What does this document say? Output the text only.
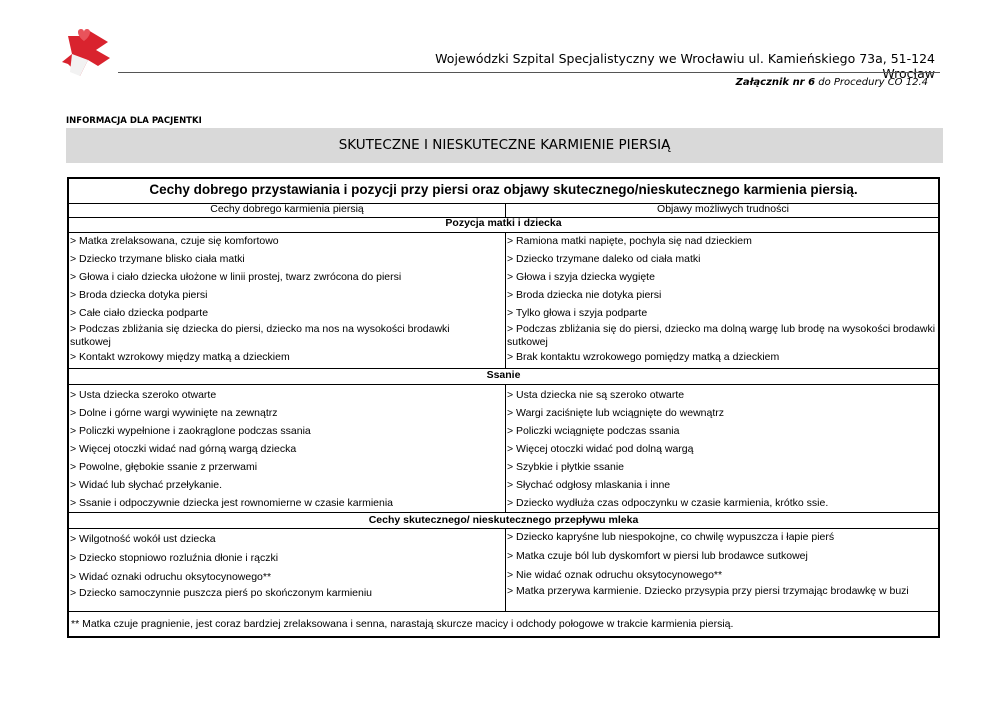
Wojewódzki Szpital Specjalistyczny we Wrocławiu ul. Kamieńskiego 73a, 51-124 Wrocław
Załącznik nr 6 do Procedury CO 12.4
INFORMACJA DLA PACJENTKI
SKUTECZNE I NIESKUTECZNE KARMIENIE PIERSIĄ
Cechy dobrego przystawiania i pozycji przy piersi oraz objawy skutecznego/nieskutecznego karmienia piersią.
Cechy dobrego karmienia piersią	Objawy możliwych trudności
Pozycja matki i dziecka
Ssanie
Cechy skutecznego/ nieskutecznego przepływu mleka
> Matka zrelaksowana, czuje się komfortowo
> Dziecko trzymane blisko ciała matki
> Głowa i ciało dziecka ułożone w linii prostej, twarz zwrócona do piersi
> Broda dziecka dotyka piersi
> Całe ciało dziecka podparte
> Podczas zbliżania się dziecka do piersi, dziecko ma nos na wysokości brodawki sutkowej
> Kontakt wzrokowy między matką a dzieckiem
> Ramiona matki napięte, pochyla się nad dzieckiem
> Dziecko trzymane daleko od ciała matki
> Głowa i szyja dziecka wygięte
> Broda dziecka nie dotyka piersi
> Tylko głowa i szyja podparte
> Podczas zbliżania się do piersi, dziecko ma dolną wargę lub brodę na wysokości brodawki sutkowej
> Brak kontaktu wzrokowego pomiędzy matką a dzieckiem
> Usta dziecka szeroko otwarte
> Dolne i górne wargi wywinięte na zewnątrz
> Policzki wypełnione i zaokrąglone podczas ssania
> Więcej otoczki widać nad górną wargą dziecka
> Powolne, głębokie ssanie z przerwami
> Widać lub słychać przełykanie.
> Ssanie i odpoczywnie dziecka jest rownomierne w czasie karmienia
> Usta dziecka nie są szeroko otwarte
> Wargi zaciśnięte lub wciągnięte do wewnątrz
> Policzki wciągnięte podczas ssania
> Więcej otoczki widać pod dolną wargą
> Szybkie i płytkie ssanie
> Słychać odgłosy mlaskania i inne
> Dziecko wydłuża czas odpoczynku w czasie karmienia, krótko ssie.
> Wilgotność wokół ust dziecka
> Dziecko stopniowo rozluźnia dłonie i rączki
> Widać oznaki odruchu oksytocynowego**
> Dziecko samoczynnie puszcza pierś po skończonym karmieniu
> Dziecko kapryśne lub niespokojne, co chwilę wypuszcza i łapie pierś
> Matka czuje ból lub dyskomfort w piersi lub brodawce sutkowej
> Nie widać oznak odruchu oksytocynowego**
> Matka przerywa karmienie. Dziecko przysypia przy piersi trzymając brodawkę w buzi
** Matka czuje pragnienie, jest coraz bardziej zrelaksowana i senna, narastają skurcze macicy i odchody połogowe w trakcie karmienia piersią.
